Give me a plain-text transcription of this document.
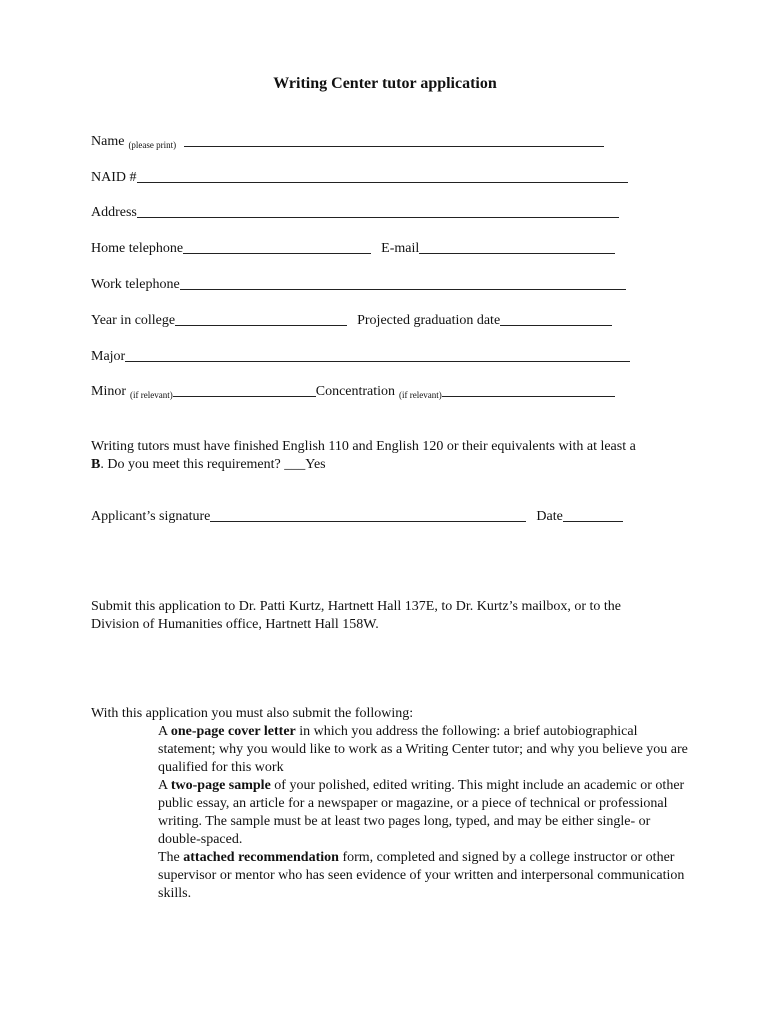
Writing Center tutor application
Name (please print)
NAID #
Address
Home telephone	E-mail
Work telephone
Year in college	Projected graduation date
Major
Minor (if relevant)	Concentration (if relevant)
Writing tutors must have finished English 110 and English 120 or their equivalents with at least a
B. Do you meet this requirement? ___Yes
Applicant’s signature	Date
Submit this application to Dr. Patti Kurtz, Hartnett Hall 137E, to Dr. Kurtz’s mailbox, or to the
Division of Humanities office, Hartnett Hall 158W.
With this application you must also submit the following:
A one-page cover letter in which you address the following: a brief autobiographical statement; why you would like to work as a Writing Center tutor; and why you believe you are qualified for this work
A two-page sample of your polished, edited writing. This might include an academic or other public essay, an article for a newspaper or magazine, or a piece of technical or professional writing. The sample must be at least two pages long, typed, and may be either single- or double-spaced.
The attached recommendation form, completed and signed by a college instructor or other supervisor or mentor who has seen evidence of your written and interpersonal communication skills.
